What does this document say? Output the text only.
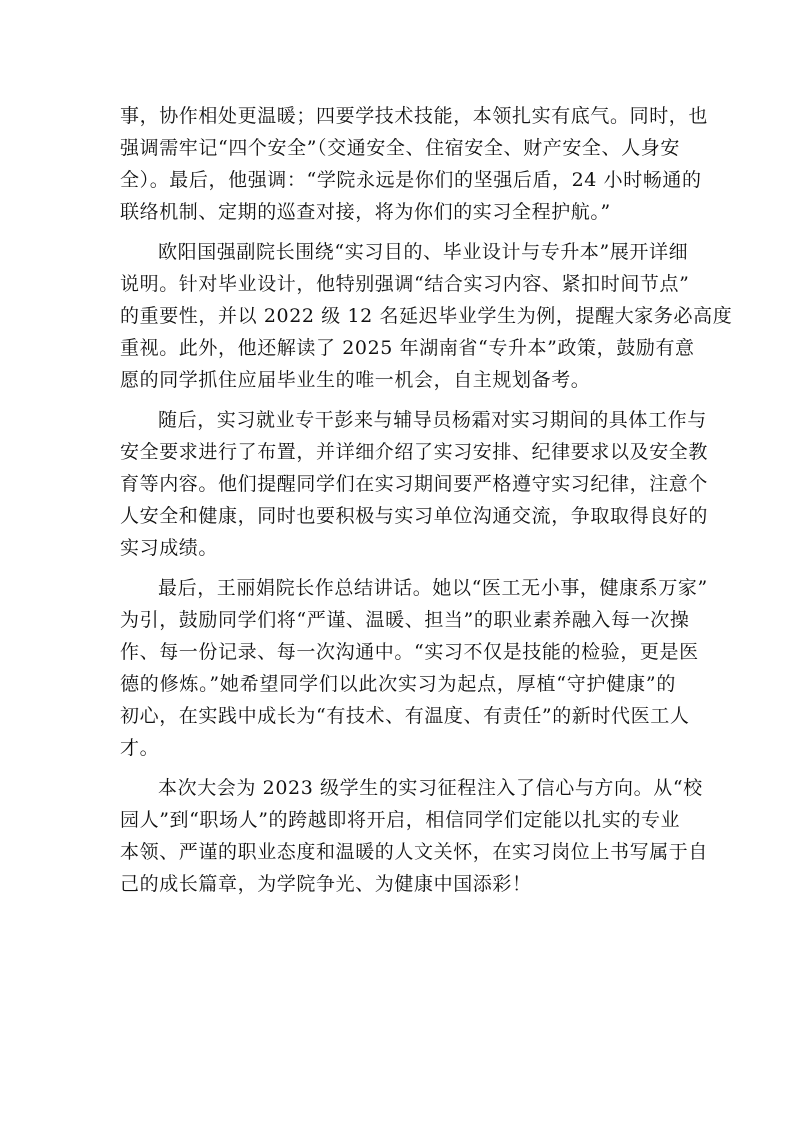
事，协作相处更温暖；四要学技术技能，本领扎实有底气。同时，也
强调需牢记“四个安全”（交通安全、住宿安全、财产安全、人身安
全）。最后，他强调：“学院永远是你们的坚强后盾，24 小时畅通的
联络机制、定期的巡查对接，将为你们的实习全程护航。”
欧阳国强副院长围绕“实习目的、毕业设计与专升本”展开详细
说明。针对毕业设计，他特别强调“结合实习内容、紧扣时间节点”
的重要性，并以 2022 级 12 名延迟毕业学生为例，提醒大家务必高度
重视。此外，他还解读了 2025 年湖南省“专升本”政策，鼓励有意
愿的同学抓住应届毕业生的唯一机会，自主规划备考。
随后，实习就业专干彭来与辅导员杨霜对实习期间的具体工作与
安全要求进行了布置，并详细介绍了实习安排、纪律要求以及安全教
育等内容。他们提醒同学们在实习期间要严格遵守实习纪律，注意个
人安全和健康，同时也要积极与实习单位沟通交流，争取取得良好的
实习成绩。
最后，王丽娟院长作总结讲话。她以“医工无小事，健康系万家”
为引，鼓励同学们将“严谨、温暖、担当”的职业素养融入每一次操
作、每一份记录、每一次沟通中。“实习不仅是技能的检验，更是医
德的修炼。”她希望同学们以此次实习为起点，厚植“守护健康”的
初心，在实践中成长为“有技术、有温度、有责任”的新时代医工人
才。
本次大会为 2023 级学生的实习征程注入了信心与方向。从“校
园人”到“职场人”的跨越即将开启，相信同学们定能以扎实的专业
本领、严谨的职业态度和温暖的人文关怀，在实习岗位上书写属于自
己的成长篇章，为学院争光、为健康中国添彩！
